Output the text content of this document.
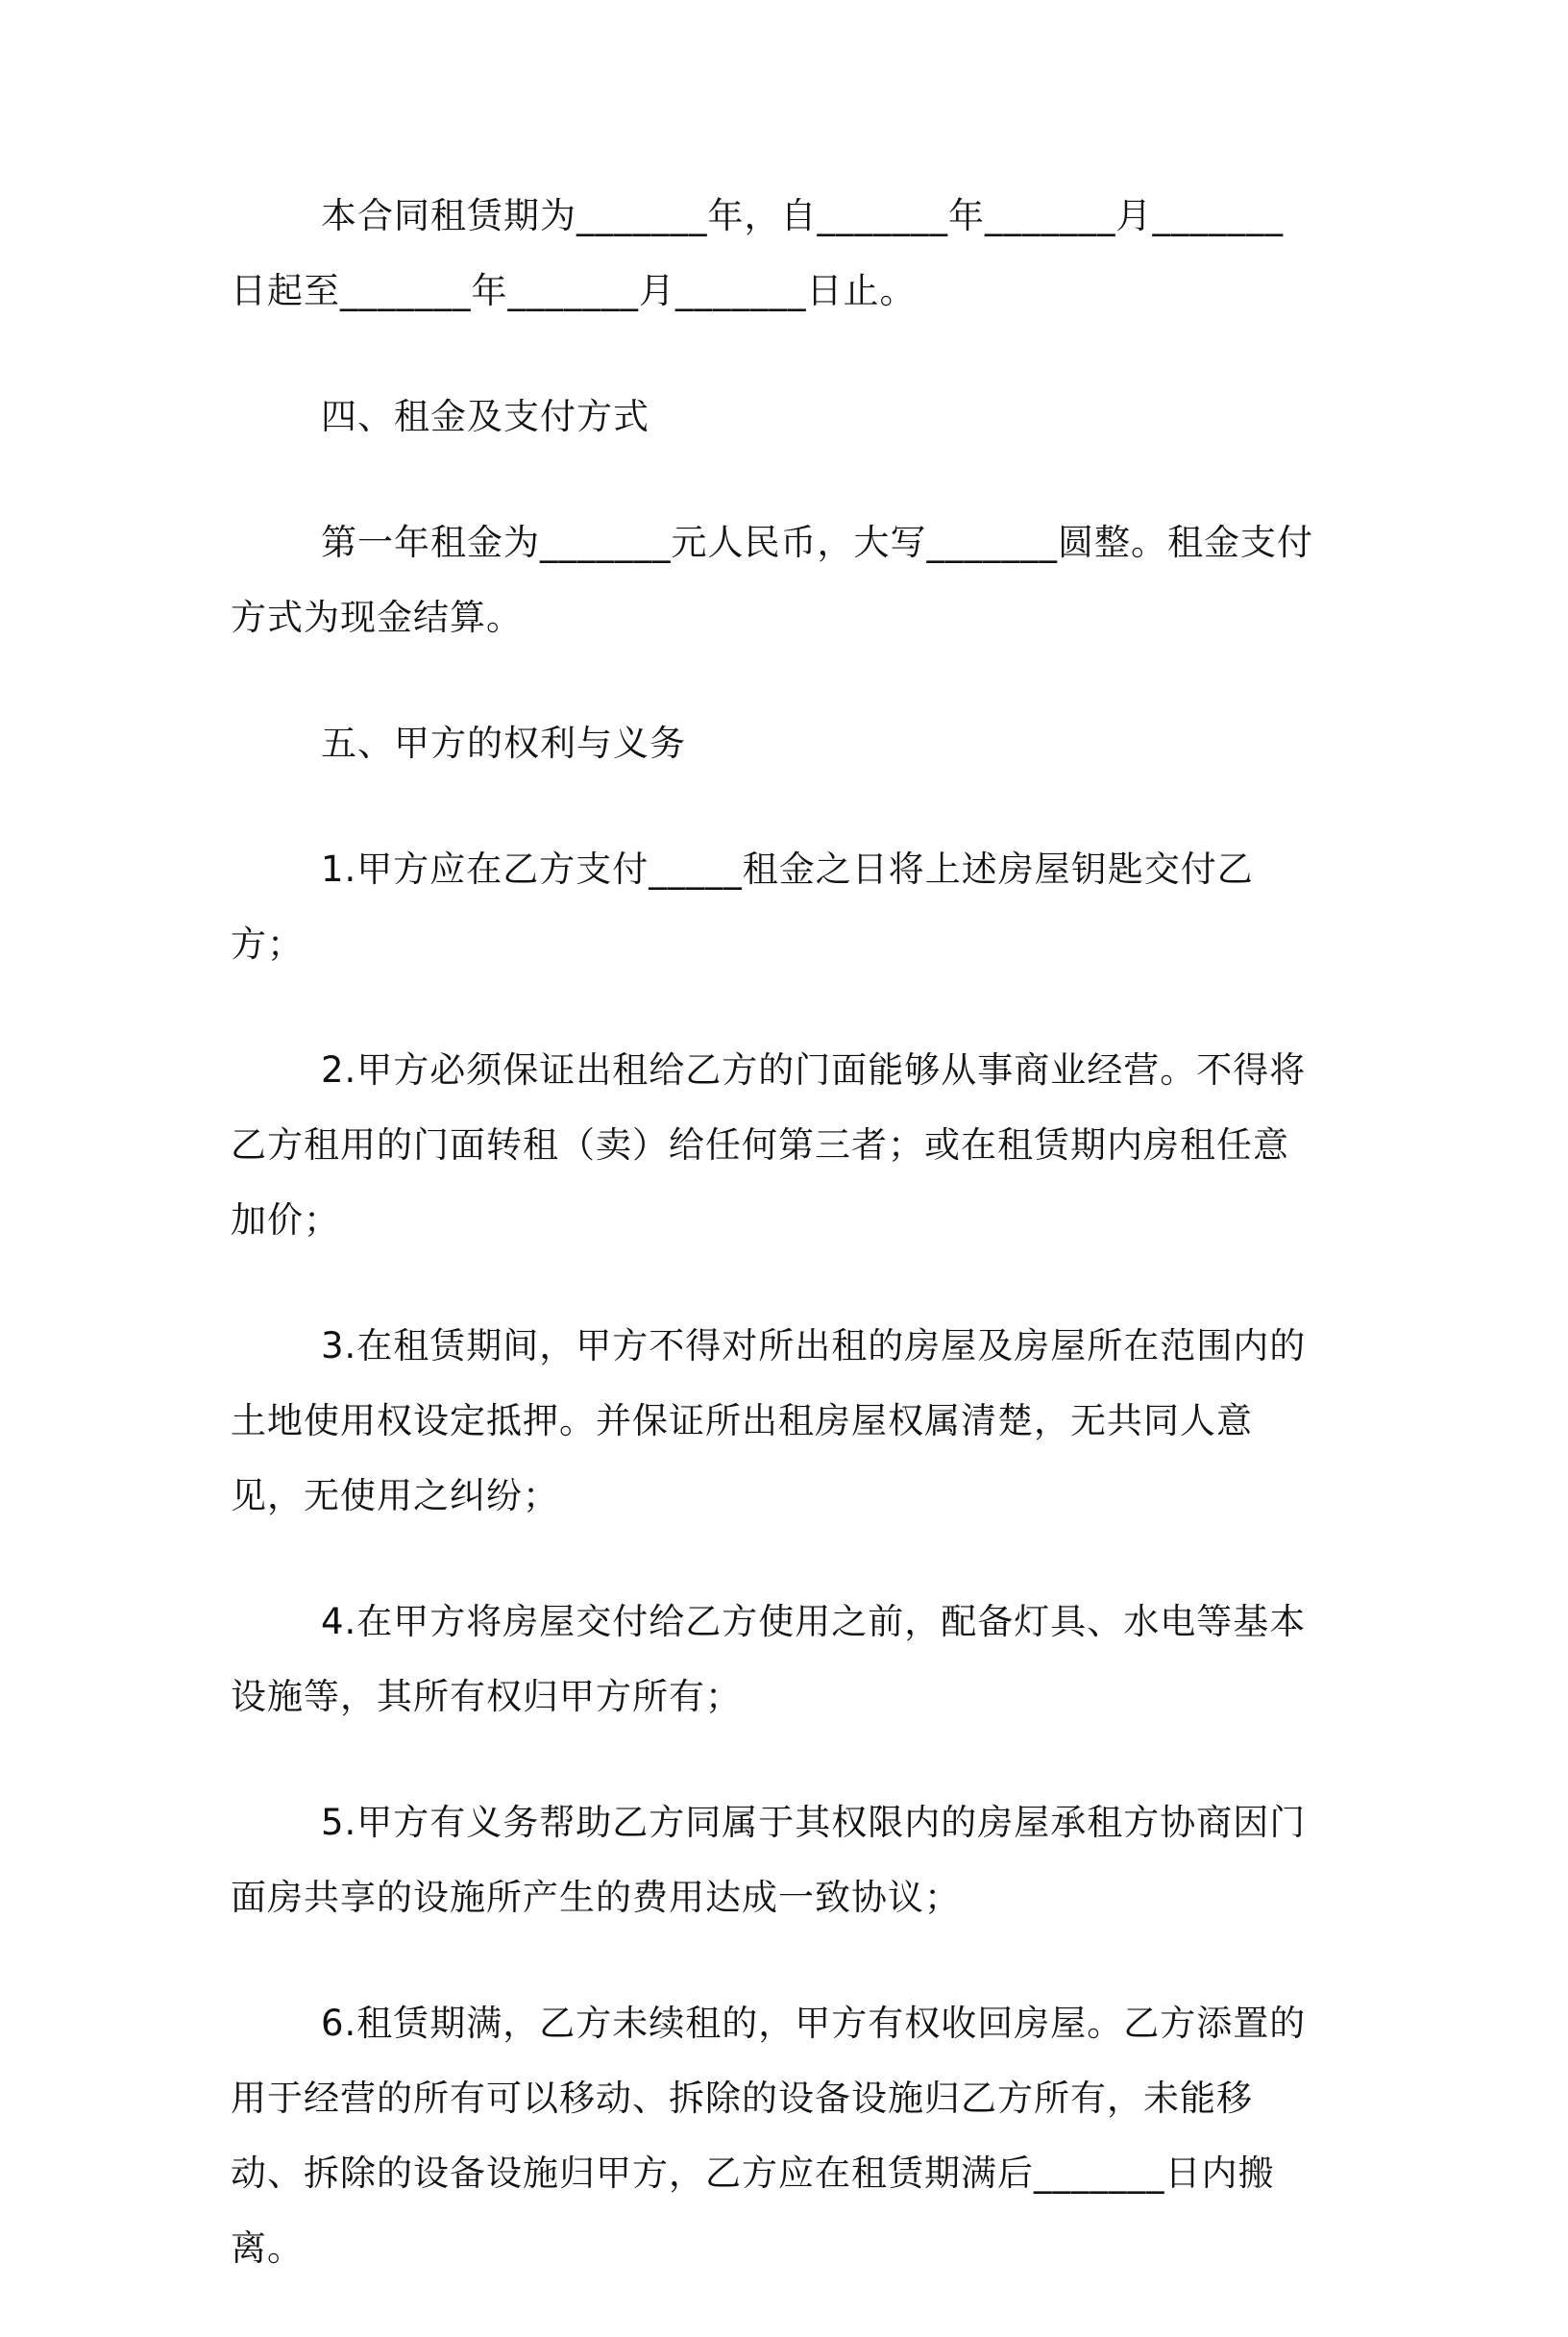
本合同租赁期为_______年，自_______年_______月_______日起至_______年_______月_______日止。

四、租金及支付方式

第一年租金为_______元人民币，大写_______圆整。租金支付方式为现金结算。

五、甲方的权利与义务

1.甲方应在乙方支付_____租金之日将上述房屋钥匙交付乙方；

2.甲方必须保证出租给乙方的门面能够从事商业经营。不得将乙方租用的门面转租（卖）给任何第三者；或在租赁期内房租任意加价；

3.在租赁期间，甲方不得对所出租的房屋及房屋所在范围内的土地使用权设定抵押。并保证所出租房屋权属清楚，无共同人意见，无使用之纠纷；

4.在甲方将房屋交付给乙方使用之前，配备灯具、水电等基本设施等，其所有权归甲方所有；

5.甲方有义务帮助乙方同属于其权限内的房屋承租方协商因门面房共享的设施所产生的费用达成一致协议；

6.租赁期满，乙方未续租的，甲方有权收回房屋。乙方添置的用于经营的所有可以移动、拆除的设备设施归乙方所有，未能移动、拆除的设备设施归甲方，乙方应在租赁期满后_______日内搬离。
